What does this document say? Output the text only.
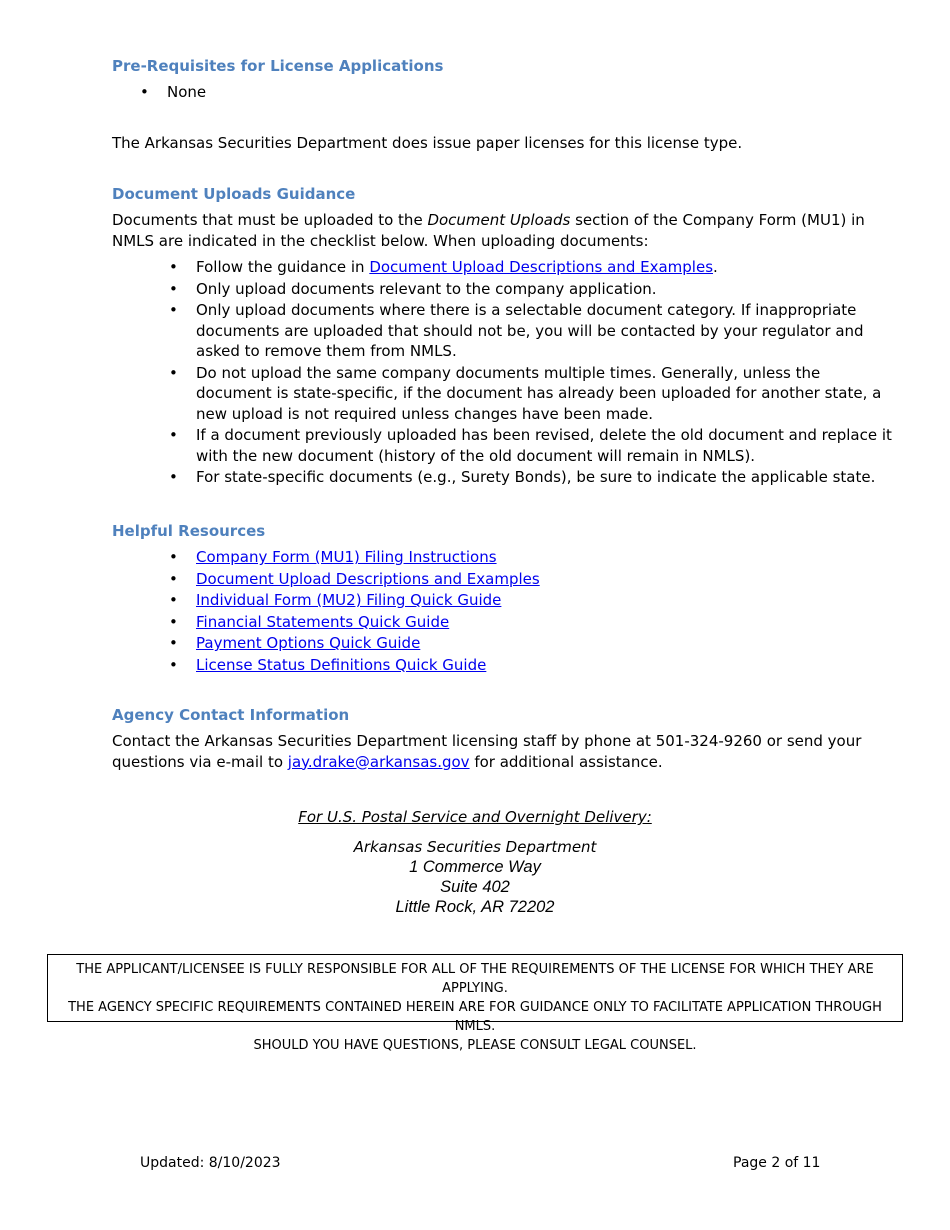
Pre-Requisites for License Applications
• None
The Arkansas Securities Department does issue paper licenses for this license type.
Document Uploads Guidance
Documents that must be uploaded to the Document Uploads section of the Company Form (MU1) in NMLS are indicated in the checklist below. When uploading documents:
• Follow the guidance in Document Upload Descriptions and Examples.
• Only upload documents relevant to the company application.
• Only upload documents where there is a selectable document category. If inappropriate documents are uploaded that should not be, you will be contacted by your regulator and asked to remove them from NMLS.
• Do not upload the same company documents multiple times. Generally, unless the document is state-specific, if the document has already been uploaded for another state, a new upload is not required unless changes have been made.
• If a document previously uploaded has been revised, delete the old document and replace it with the new document (history of the old document will remain in NMLS).
• For state-specific documents (e.g., Surety Bonds), be sure to indicate the applicable state.
Helpful Resources
• Company Form (MU1) Filing Instructions
• Document Upload Descriptions and Examples
• Individual Form (MU2) Filing Quick Guide
• Financial Statements Quick Guide
• Payment Options Quick Guide
• License Status Definitions Quick Guide
Agency Contact Information
Contact the Arkansas Securities Department licensing staff by phone at 501-324-9260 or send your questions via e-mail to jay.drake@arkansas.gov for additional assistance.
For U.S. Postal Service and Overnight Delivery:
Arkansas Securities Department
1 Commerce Way
Suite 402
Little Rock, AR 72202
THE APPLICANT/LICENSEE IS FULLY RESPONSIBLE FOR ALL OF THE REQUIREMENTS OF THE LICENSE FOR WHICH THEY ARE APPLYING.
THE AGENCY SPECIFIC REQUIREMENTS CONTAINED HEREIN ARE FOR GUIDANCE ONLY TO FACILITATE APPLICATION THROUGH NMLS.
SHOULD YOU HAVE QUESTIONS, PLEASE CONSULT LEGAL COUNSEL.
Updated: 8/10/2023	Page 2 of 11
